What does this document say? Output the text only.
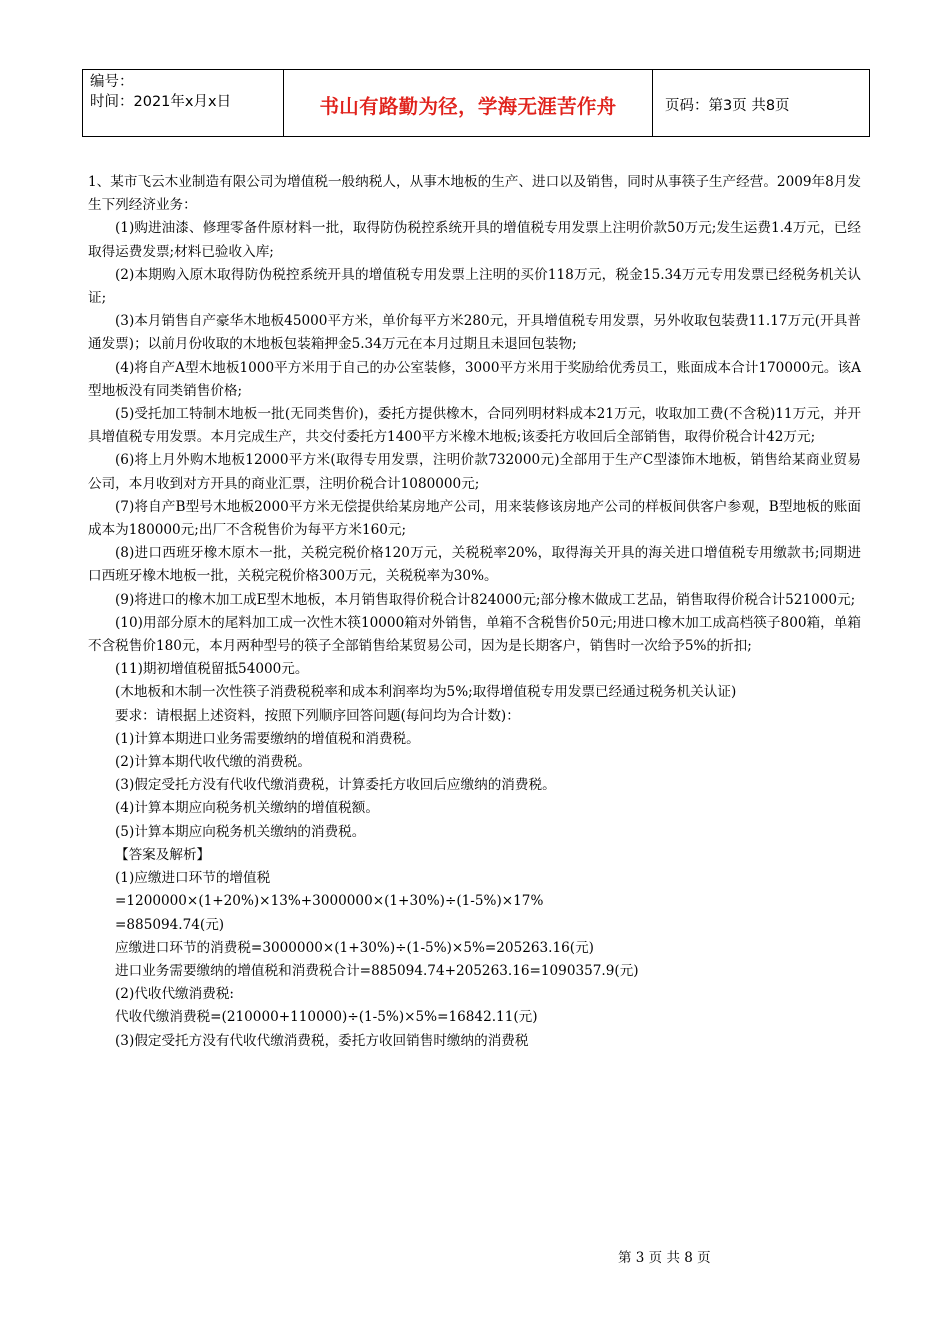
编号：
时间：2021年x月x日	书山有路勤为径，学海无涯苦作舟	页码：第3页 共8页

1、某市飞云木业制造有限公司为增值税一般纳税人，从事木地板的生产、进口以及销售，同时从事筷子生产经营。2009年8月发生下列经济业务：

(1)购进油漆、修理零备件原材料一批，取得防伪税控系统开具的增值税专用发票上注明价款50万元;发生运费1.4万元，已经取得运费发票;材料已验收入库;

(2)本期购入原木取得防伪税控系统开具的增值税专用发票上注明的买价118万元，税金15.34万元专用发票已经税务机关认证;

(3)本月销售自产豪华木地板45000平方米，单价每平方米280元，开具增值税专用发票，另外收取包装费11.17万元(开具普通发票)；以前月份收取的木地板包装箱押金5.34万元在本月过期且未退回包装物;

(4)将自产A型木地板1000平方米用于自己的办公室装修，3000平方米用于奖励给优秀员工，账面成本合计170000元。该A型地板没有同类销售价格;

(5)受托加工特制木地板一批(无同类售价)，委托方提供橡木，合同列明材料成本21万元，收取加工费(不含税)11万元，并开具增值税专用发票。本月完成生产，共交付委托方1400平方米橡木地板;该委托方收回后全部销售，取得价税合计42万元;

(6)将上月外购木地板12000平方米(取得专用发票，注明价款732000元)全部用于生产C型漆饰木地板，销售给某商业贸易公司，本月收到对方开具的商业汇票，注明价税合计1080000元;

(7)将自产B型号木地板2000平方米无偿提供给某房地产公司，用来装修该房地产公司的样板间供客户参观，B型地板的账面成本为180000元;出厂不含税售价为每平方米160元;

(8)进口西班牙橡木原木一批，关税完税价格120万元，关税税率20%，取得海关开具的海关进口增值税专用缴款书;同期进口西班牙橡木地板一批，关税完税价格300万元，关税税率为30%。

(9)将进口的橡木加工成E型木地板，本月销售取得价税合计824000元;部分橡木做成工艺品，销售取得价税合计521000元;

(10)用部分原木的尾料加工成一次性木筷10000箱对外销售，单箱不含税售价50元;用进口橡木加工成高档筷子800箱，单箱不含税售价180元，本月两种型号的筷子全部销售给某贸易公司，因为是长期客户，销售时一次给予5%的折扣;

(11)期初增值税留抵54000元。

(木地板和木制一次性筷子消费税税率和成本利润率均为5%;取得增值税专用发票已经通过税务机关认证)

要求：请根据上述资料，按照下列顺序回答问题(每问均为合计数)：

(1)计算本期进口业务需要缴纳的增值税和消费税。

(2)计算本期代收代缴的消费税。

(3)假定受托方没有代收代缴消费税，计算委托方收回后应缴纳的消费税。

(4)计算本期应向税务机关缴纳的增值税额。

(5)计算本期应向税务机关缴纳的消费税。

【答案及解析】

(1)应缴进口环节的增值税

=1200000×(1+20%)×13%+3000000×(1+30%)÷(1-5%)×17%

=885094.74(元)

应缴进口环节的消费税=3000000×(1+30%)÷(1-5%)×5%=205263.16(元)

进口业务需要缴纳的增值税和消费税合计=885094.74+205263.16=1090357.9(元)

(2)代收代缴消费税:

代收代缴消费税=(210000+110000)÷(1-5%)×5%=16842.11(元)

(3)假定受托方没有代收代缴消费税，委托方收回销售时缴纳的消费税

第 3 页 共 8 页
